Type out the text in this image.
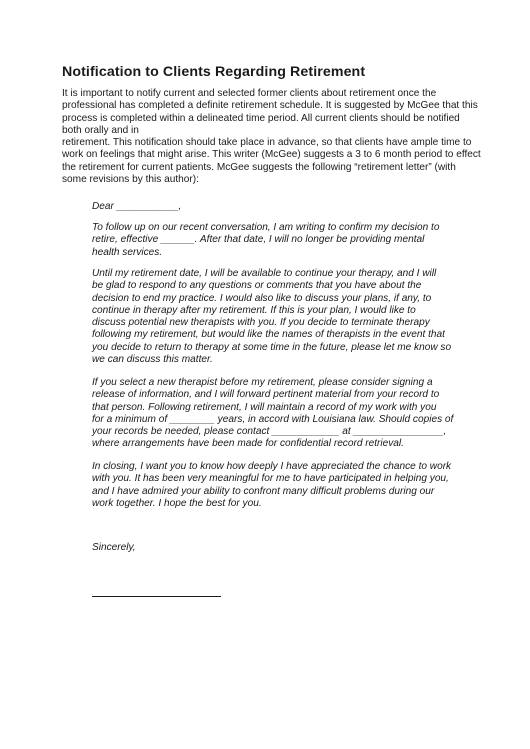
Notification to Clients Regarding Retirement

It is important to notify current and selected former clients about retirement once the
professional has completed a definite retirement schedule. It is suggested by McGee that this
process is completed within a delineated time period. All current clients should be notified
both orally and in
retirement. This notification should take place in advance, so that clients have ample time to
work on feelings that might arise. This writer (McGee) suggests a 3 to 6 month period to effect
the retirement for current patients. McGee suggests the following “retirement letter” (with
some revisions by this author):

Dear ___________,
To follow up on our recent conversation, I am writing to confirm my decision to
retire, effective ______. After that date, I will no longer be providing mental
health services.
Until my retirement date, I will be available to continue your therapy, and I will
be glad to respond to any questions or comments that you have about the
decision to end my practice. I would also like to discuss your plans, if any, to
continue in therapy after my retirement. If this is your plan, I would like to
discuss potential new therapists with you. If you decide to terminate therapy
following my retirement, but would like the names of therapists in the event that
you decide to return to therapy at some time in the future, please let me know so
we can discuss this matter.
If you select a new therapist before my retirement, please consider signing a
release of information, and I will forward pertinent material from your record to
that person. Following retirement, I will maintain a record of my work with you
for a minimum of ________ years, in accord with Louisiana law. Should copies of
your records be needed, please contact ____________ at ________________,
where arrangements have been made for confidential record retrieval.
In closing, I want you to know how deeply I have appreciated the chance to work
with you. It has been very meaningful for me to have participated in helping you,
and I have admired your ability to confront many difficult problems during our
work together. I hope the best for you.
Sincerely,
